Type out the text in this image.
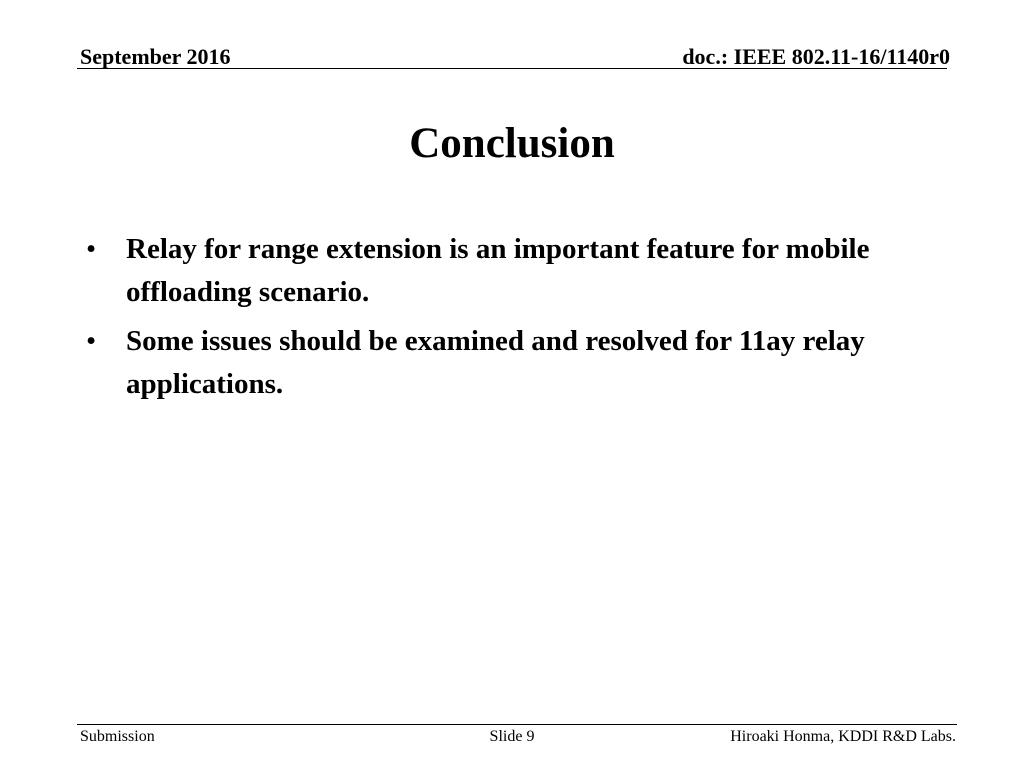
September 2016	doc.: IEEE 802.11-16/1140r0
Conclusion
• Relay for range extension is an important feature for mobile offloading scenario.
• Some issues should be examined and resolved for 11ay relay applications.
Submission	Slide 9	Hiroaki Honma, KDDI R&D Labs.
